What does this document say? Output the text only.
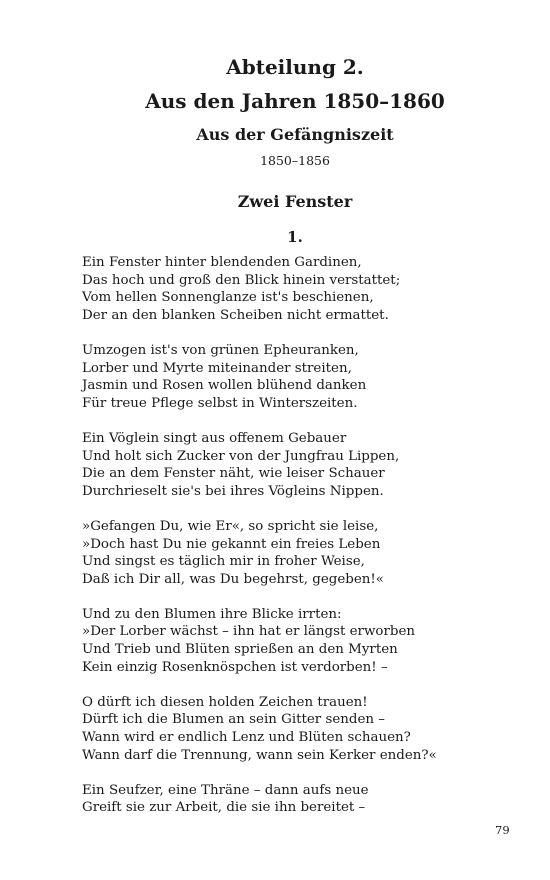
Abteilung 2.
Aus den Jahren 1850–1860
Aus der Gefängniszeit
1850–1856
Zwei Fenster
1.
Ein Fenster hinter blendenden Gardinen,
Das hoch und groß den Blick hinein verstattet;
Vom hellen Sonnenglanze ist's beschienen,
Der an den blanken Scheiben nicht ermattet.
Umzogen ist's von grünen Epheuranken,
Lorber und Myrte miteinander streiten,
Jasmin und Rosen wollen blühend danken
Für treue Pflege selbst in Winterszeiten.
Ein Vöglein singt aus offenem Gebauer
Und holt sich Zucker von der Jungfrau Lippen,
Die an dem Fenster näht, wie leiser Schauer
Durchrieselt sie's bei ihres Vögleins Nippen.
»Gefangen Du, wie Er«, so spricht sie leise,
»Doch hast Du nie gekannt ein freies Leben
Und singst es täglich mir in froher Weise,
Daß ich Dir all, was Du begehrst, gegeben!«
Und zu den Blumen ihre Blicke irrten:
»Der Lorber wächst – ihn hat er längst erworben
Und Trieb und Blüten sprießen an den Myrten
Kein einzig Rosenknöspchen ist verdorben! –
O dürft ich diesen holden Zeichen trauen!
Dürft ich die Blumen an sein Gitter senden –
Wann wird er endlich Lenz und Blüten schauen?
Wann darf die Trennung, wann sein Kerker enden?«
Ein Seufzer, eine Thräne – dann aufs neue
Greift sie zur Arbeit, die sie ihn bereitet –
79
